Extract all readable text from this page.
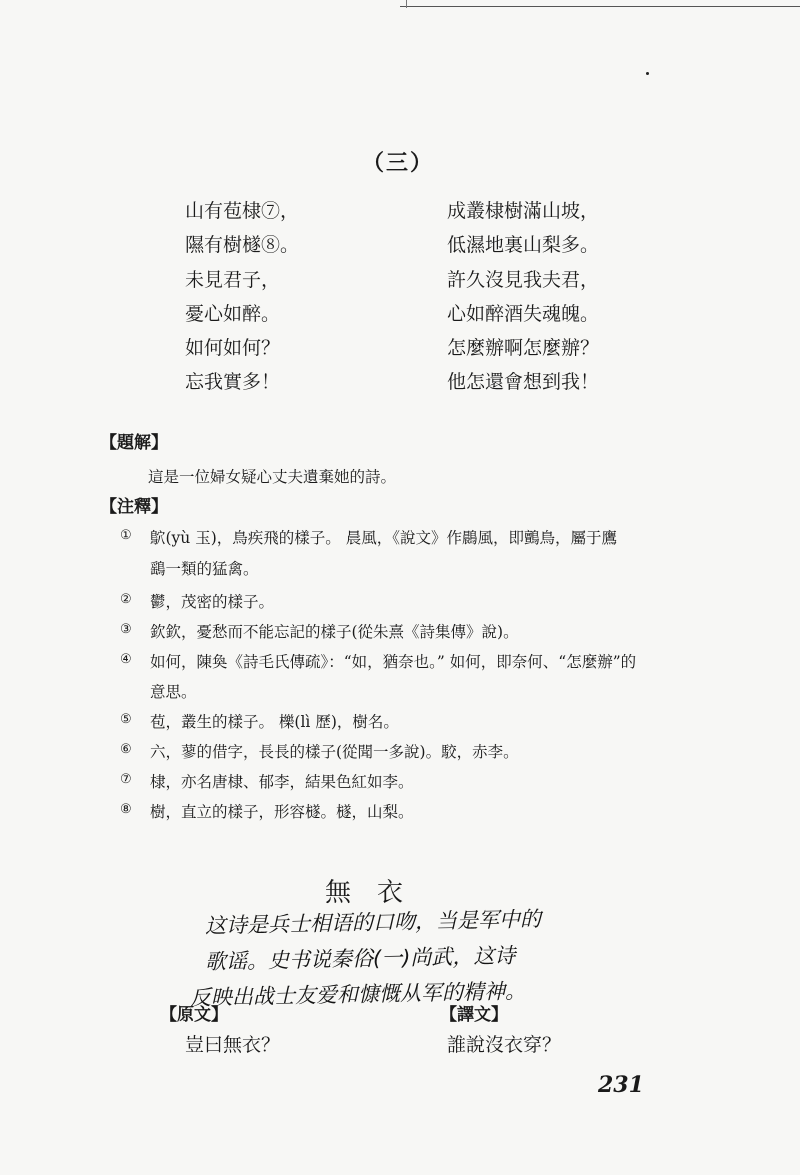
（三）
山有苞棣⑦，
隰有樹檖⑧。
未見君子，
憂心如醉。
如何如何？
忘我實多！
成叢棣樹滿山坡，
低濕地裏山梨多。
許久沒見我夫君，
心如醉酒失魂魄。
怎麼辦啊怎麼辦？
他怎還會想到我！
【題解】
這是一位婦女疑心丈夫遺棄她的詩。
【注釋】
① 鴥(yù 玉)，鳥疾飛的樣子。 晨風，《說文》作鷐風，即鸇鳥，屬于鷹
鷂一類的猛禽。
② 鬱，茂密的樣子。
③ 欽欽，憂愁而不能忘記的樣子(從朱熹《詩集傳》說)。
④ 如何，陳奐《詩毛氏傳疏》：“如，猶奈也。” 如何，即奈何、“怎麼辦”的
意思。
⑤ 苞，叢生的樣子。 櫟(lì 歷)，樹名。
⑥ 六，蓼的借字，長長的樣子(從聞一多說)。駮，赤李。
⑦ 棣，亦名唐棣、郁李，結果色紅如李。
⑧ 樹，直立的樣子，形容檖。檖，山梨。
無　衣
这诗是兵士相语的口吻，当是军中的
歌谣。史书说秦俗(一)尚武，这诗
反映出战士友爱和慷慨从军的精神。
【原文】	【譯文】
豈曰無衣？	誰說沒衣穿？
231
